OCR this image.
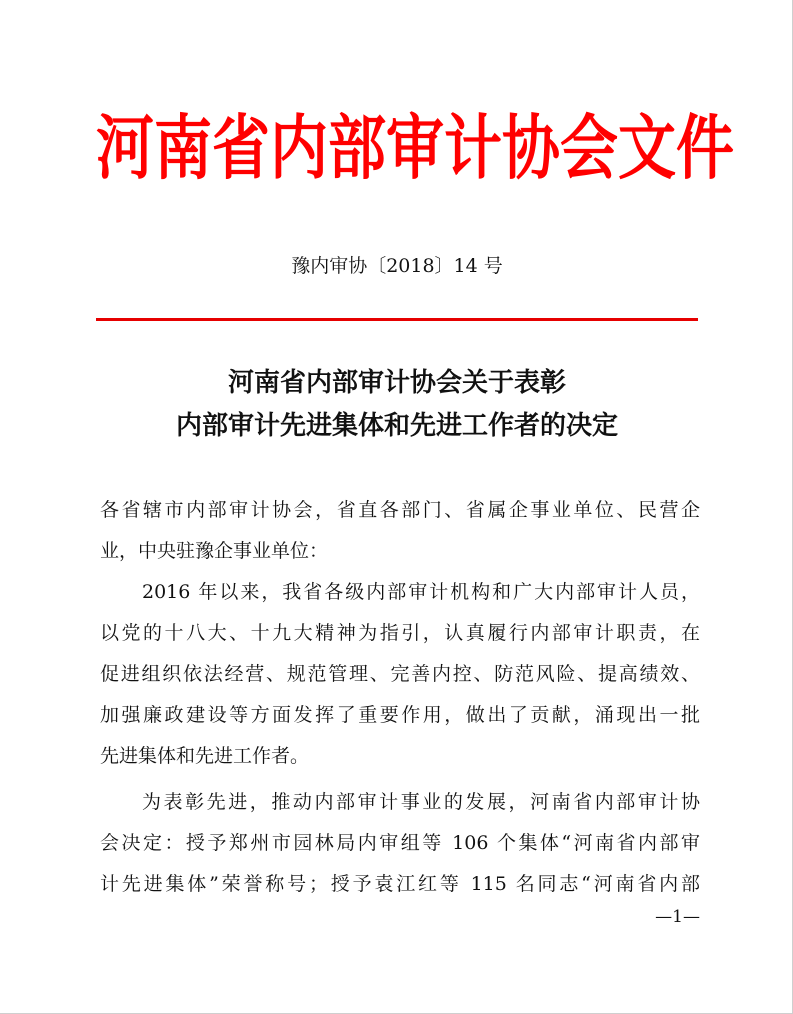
河南省内部审计协会文件
豫内审协〔2018〕14 号
河南省内部审计协会关于表彰
内部审计先进集体和先进工作者的决定
各省辖市内部审计协会，省直各部门、省属企事业单位、民营企
业，中央驻豫企事业单位：
2016 年以来，我省各级内部审计机构和广大内部审计人员，
以党的十八大、十九大精神为指引，认真履行内部审计职责，在
促进组织依法经营、规范管理、完善内控、防范风险、提高绩效、
加强廉政建设等方面发挥了重要作用，做出了贡献，涌现出一批
先进集体和先进工作者。
为表彰先进，推动内部审计事业的发展，河南省内部审计协
会决定：授予郑州市园林局内审组等 106 个集体“河南省内部审
计先进集体”荣誉称号；授予袁江红等 115 名同志“河南省内部
—1—
